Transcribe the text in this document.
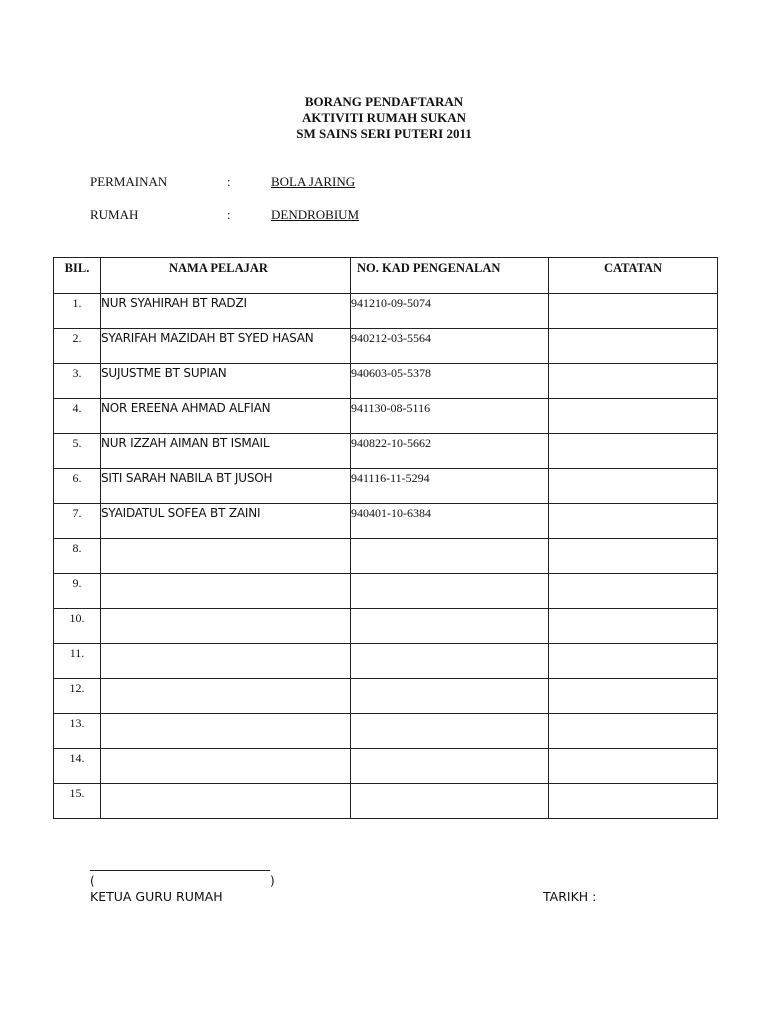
BORANG PENDAFTARAN
AKTIVITI RUMAH SUKAN
SM SAINS SERI PUTERI 2011
PERMAINAN	:	BOLA JARING
RUMAH	:	DENDROBIUM
BIL.	NAMA PELAJAR	NO. KAD PENGENALAN	CATATAN
1.	NUR SYAHIRAH BT RADZI	941210-09-5074	
2.	SYARIFAH MAZIDAH BT SYED HASAN	940212-03-5564	
3.	SUJUSTME BT SUPIAN	940603-05-5378	
4.	NOR EREENA AHMAD ALFIAN	941130-08-5116	
5.	NUR IZZAH AIMAN BT ISMAIL	940822-10-5662	
6.	SITI SARAH NABILA BT JUSOH	941116-11-5294	
7.	SYAIDATUL SOFEA BT ZAINI	940401-10-6384	
8.			
9.			
10.			
11.			
12.			
13.			
14.			
15.			
(	)
KETUA GURU RUMAH	TARIKH :
